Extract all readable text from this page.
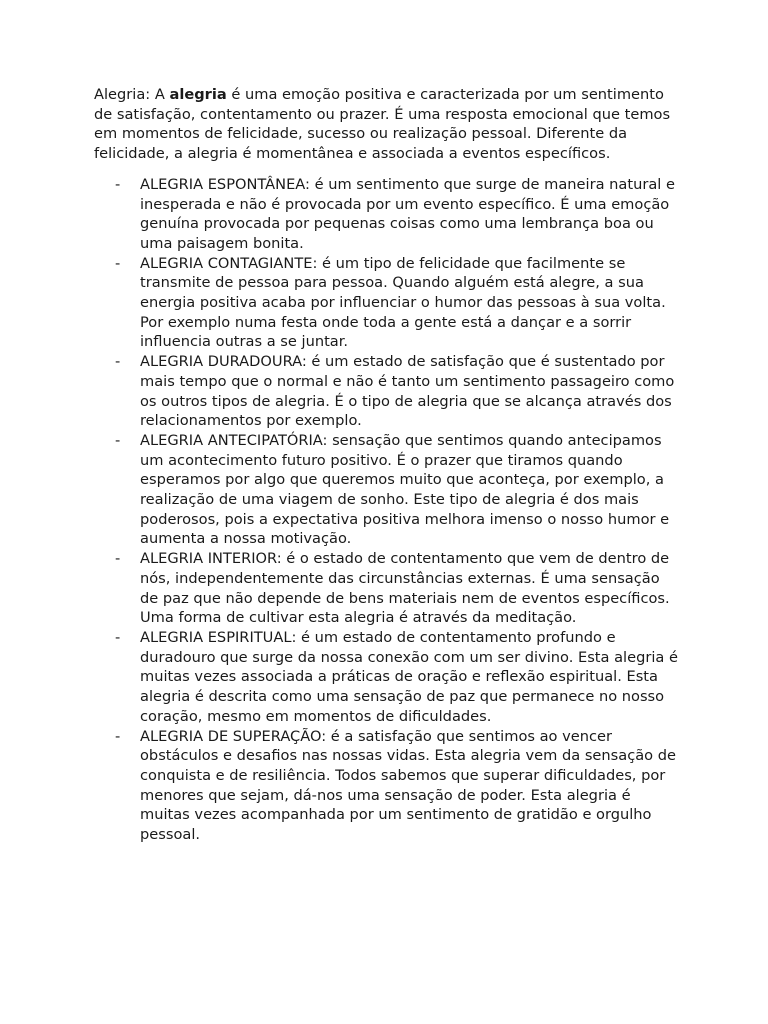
Alegria: A alegria é uma emoção positiva e caracterizada por um sentimento de satisfação, contentamento ou prazer. É uma resposta emocional que temos em momentos de felicidade, sucesso ou realização pessoal. Diferente da felicidade, a alegria é momentânea e associada a eventos específicos.

- ALEGRIA ESPONTÂNEA: é um sentimento que surge de maneira natural e inesperada e não é provocada por um evento específico. É uma emoção genuína provocada por pequenas coisas como uma lembrança boa ou uma paisagem bonita.
- ALEGRIA CONTAGIANTE: é um tipo de felicidade que facilmente se transmite de pessoa para pessoa. Quando alguém está alegre, a sua energia positiva acaba por influenciar o humor das pessoas à sua volta. Por exemplo numa festa onde toda a gente está a dançar e a sorrir influencia outras a se juntar.
- ALEGRIA DURADOURA: é um estado de satisfação que é sustentado por mais tempo que o normal e não é tanto um sentimento passageiro como os outros tipos de alegria. É o tipo de alegria que se alcança através dos relacionamentos por exemplo.
- ALEGRIA ANTECIPATÓRIA: sensação que sentimos quando antecipamos um acontecimento futuro positivo. É o prazer que tiramos quando esperamos por algo que queremos muito que aconteça, por exemplo, a realização de uma viagem de sonho. Este tipo de alegria é dos mais poderosos, pois a expectativa positiva melhora imenso o nosso humor e aumenta a nossa motivação.
- ALEGRIA INTERIOR: é o estado de contentamento que vem de dentro de nós, independentemente das circunstâncias externas. É uma sensação de paz que não depende de bens materiais nem de eventos específicos. Uma forma de cultivar esta alegria é através da meditação.
- ALEGRIA ESPIRITUAL: é um estado de contentamento profundo e duradouro que surge da nossa conexão com um ser divino. Esta alegria é muitas vezes associada a práticas de oração e reflexão espiritual. Esta alegria é descrita como uma sensação de paz que permanece no nosso coração, mesmo em momentos de dificuldades.
- ALEGRIA DE SUPERAÇÃO: é a satisfação que sentimos ao vencer obstáculos e desafios nas nossas vidas. Esta alegria vem da sensação de conquista e de resiliência. Todos sabemos que superar dificuldades, por menores que sejam, dá-nos uma sensação de poder. Esta alegria é muitas vezes acompanhada por um sentimento de gratidão e orgulho pessoal.
